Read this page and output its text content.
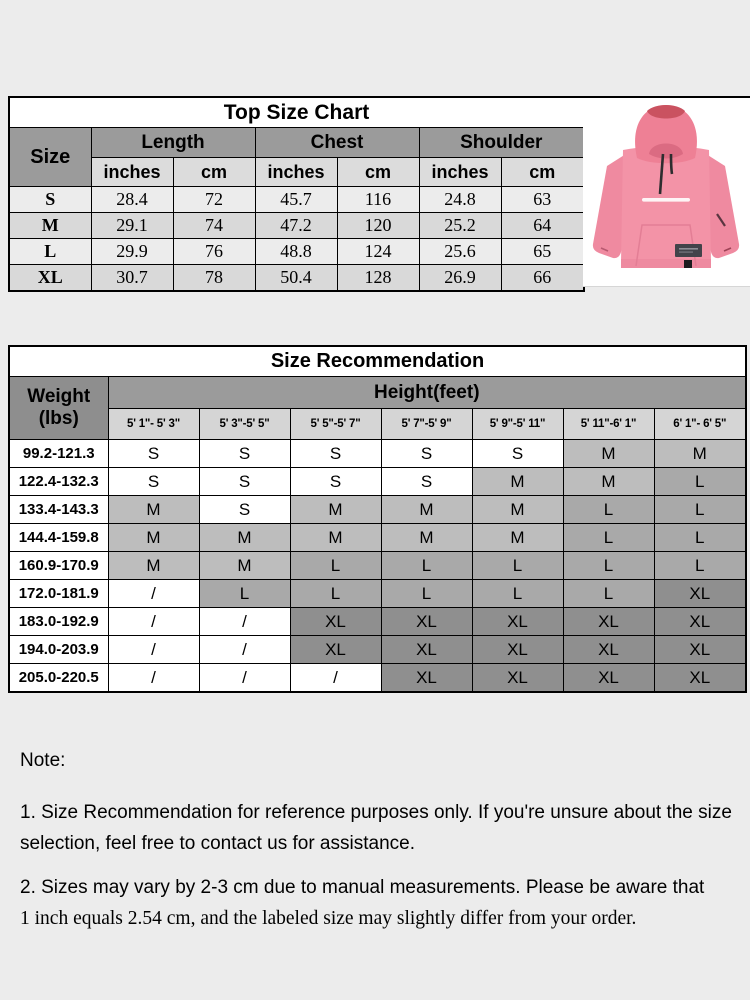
Top Size Chart						
Size	Length		Chest		Shoulder	
	inches	cm	inches	cm	inches	cm
S	28.4	72	45.7	116	24.8	63
M	29.1	74	47.2	120	25.2	64
L	29.9	76	48.8	124	25.6	65
XL	30.7	78	50.4	128	26.9	66
Size Recommendation							

Weight
(lbs)	Height(feet)						
	5' 1"- 5' 3"	5' 3"-5' 5"	5' 5"-5' 7"	5' 7"-5' 9"	5' 9"-5' 11"	5' 11"-6' 1"	6' 1"- 6' 5"
99.2-121.3	S	S	S	S	S	M	M
122.4-132.3	S	S	S	S	M	M	L
133.4-143.3	M	S	M	M	M	L	L
144.4-159.8	M	M	M	M	M	L	L
160.9-170.9	M	M	L	L	L	L	L
172.0-181.9	/	L	L	L	L	L	XL
183.0-192.9	/	/	XL	XL	XL	XL	XL
194.0-203.9	/	/	XL	XL	XL	XL	XL
205.0-220.5	/	/	/	XL	XL	XL	XL
Note:
1. Size Recommendation for reference purposes only. If you're unsure about the size selection, feel free to contact us for assistance.
2. Sizes may vary by 2-3 cm due to manual measurements. Please be aware that
1 inch equals 2.54 cm, and the labeled size may slightly differ from your order.
